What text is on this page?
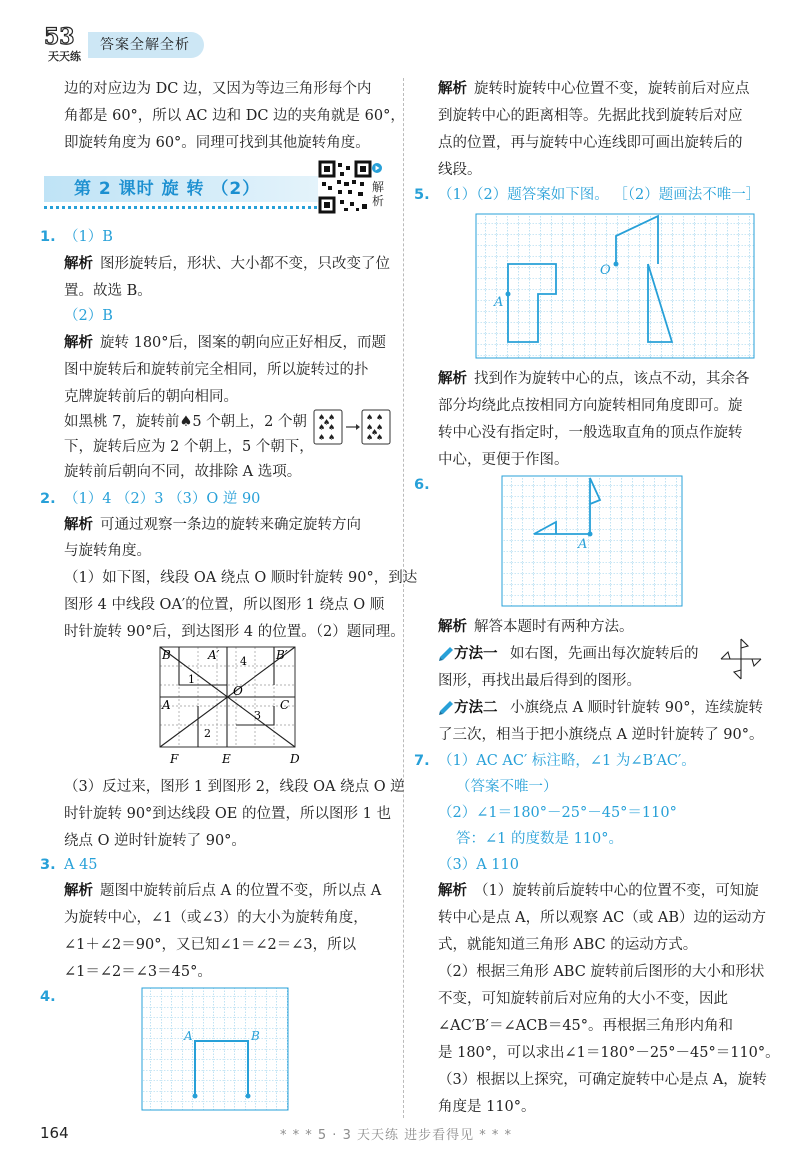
53
天天练
答案全解全析
边的对应边为 DC 边，又因为等边三角形每个内
角都是 60°，所以 AC 边和 DC 边的夹角就是 60°，
即旋转角度为 60°。同理可找到其他旋转角度。
第 2 课时 旋 转 （2）	解析
1. （1）B
解析 图形旋转后，形状、大小都不变，只改变了位
置。故选 B。
（2）B
解析 旋转 180°后，图案的朝向应正好相反，而题
图中旋转后和旋转前完全相同，所以旋转过的扑
克牌旋转前后的朝向相同。
如黑桃 7，旋转前♠5 个朝上，2 个朝
下，旋转后应为 2 个朝上，5 个朝下，
旋转前后朝向不同，故排除 A 选项。
♠ ♠
♠ ♠
♠
♠ ♠
♠ ♠
♠ ♠
♠
♠ ♠
2. （1）4 （2）3 （3）O 逆 90
解析 可通过观察一条边的旋转来确定旋转方向
与旋转角度。
（1）如下图，线段 OA 绕点 O 顺时针旋转 90°，到达
图形 4 中线段 OA′的位置，所以图形 1 绕点 O 顺
时针旋转 90°后，到达图形 4 的位置。（2）题同理。
B	A′ 4 B′
1
O
A
3
C
2
F	E	D
（3）反过来，图形 1 到图形 2，线段 OA 绕点 O 逆
时针旋转 90°到达线段 OE 的位置，所以图形 1 也
绕点 O 逆时针旋转了 90°。
3. A 45
解析 题图中旋转前后点 A 的位置不变，所以点 A
为旋转中心，∠1（或∠3）的大小为旋转角度，
∠1＋∠2＝90°，又已知∠1＝∠2＝∠3，所以
∠1＝∠2＝∠3＝45°。
4.
A	B
解析 旋转时旋转中心位置不变，旋转前后对应点
到旋转中心的距离相等。先据此找到旋转后对应
点的位置，再与旋转中心连线即可画出旋转后的
线段。
5. （1）（2）题答案如下图。 ［（2）题画法不唯一］
O
A
解析 找到作为旋转中心的点，该点不动，其余各
部分均绕此点按相同方向旋转相同角度即可。旋
转中心没有指定时，一般选取直角的顶点作旋转
中心，更便于作图。
6.
A
解析 解答本题时有两种方法。
方法一 如右图，先画出每次旋转后的
图形，再找出最后得到的图形。
方法二 小旗绕点 A 顺时针旋转 90°，连续旋转
了三次，相当于把小旗绕点 A 逆时针旋转了 90°。
7. （1）AC AC′ 标注略，∠1 为∠B′AC′。
（答案不唯一）
（2）∠1＝180°－25°－45°＝110°
答：∠1 的度数是 110°。
（3）A 110
解析 （1）旋转前后旋转中心的位置不变，可知旋
转中心是点 A，所以观察 AC（或 AB）边的运动方
式，就能知道三角形 ABC 的运动方式。
（2）根据三角形 ABC 旋转前后图形的大小和形状
不变，可知旋转前后对应角的大小不变，因此
∠AC′B′＝∠ACB＝45°。再根据三角形内角和
是 180°，可以求出∠1＝180°－25°－45°＝110°。
（3）根据以上探究，可确定旋转中心是点 A，旋转
角度是 110°。
164	* * * 5 · 3 天天练 进步看得见 * * *
